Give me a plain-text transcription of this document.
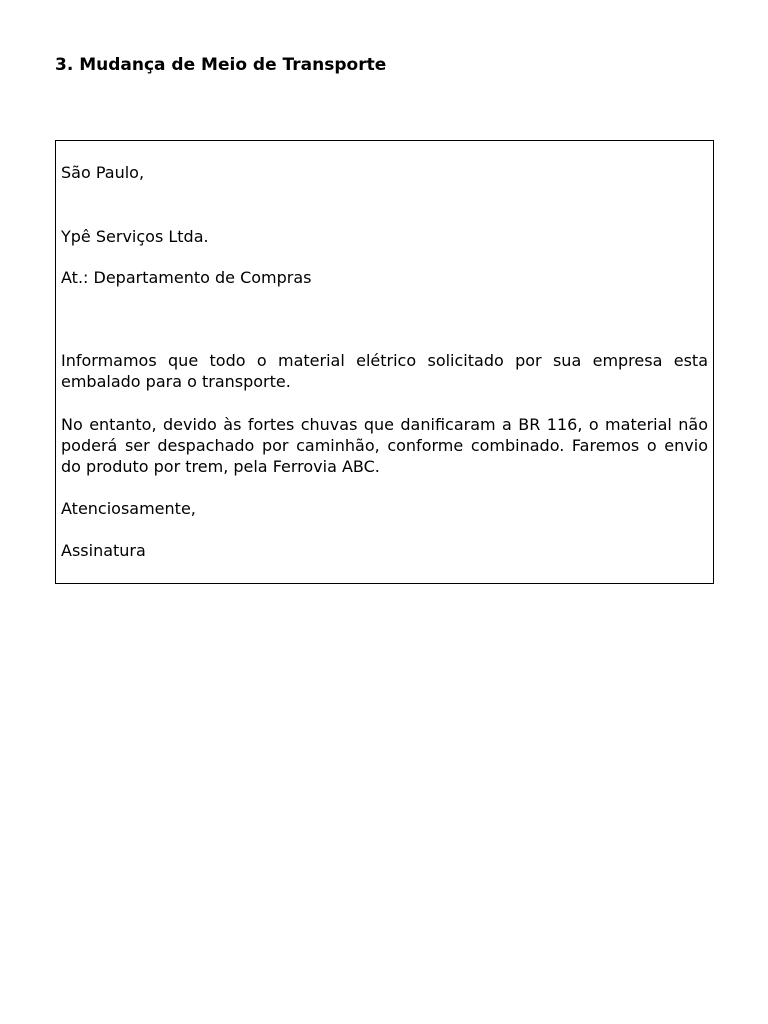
3. Mudança de Meio de Transporte

São Paulo,

Ypê Serviços Ltda.

At.: Departamento de Compras

Informamos que todo o material elétrico solicitado por sua empresa esta embalado para o transporte.

No entanto, devido às fortes chuvas que danificaram a BR 116, o material não poderá ser despachado por caminhão, conforme combinado. Faremos o envio do produto por trem, pela Ferrovia ABC.

Atenciosamente,

Assinatura
